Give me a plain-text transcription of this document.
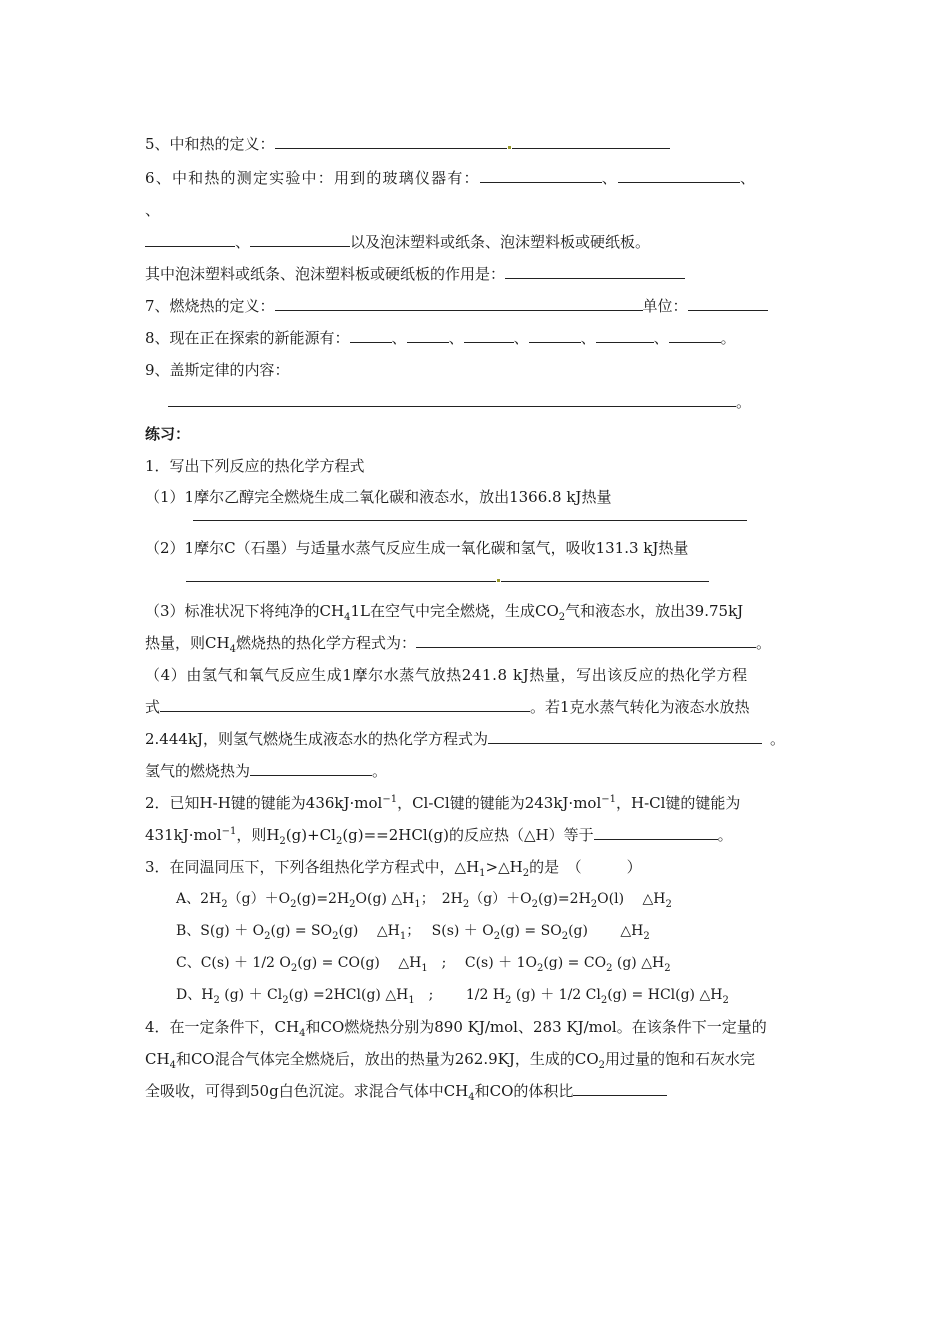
5、中和热的定义：
6、中和热的测定实验中：用到的玻璃仪器有：	、	、
、
、	以及泡沫塑料或纸条、泡沫塑料板或硬纸板。
其中泡沫塑料或纸条、泡沫塑料板或硬纸板的作用是：
7、燃烧热的定义：	单位：
8、现在正在探索的新能源有：	、	、	、	、	、	。
9、盖斯定律的内容：
。
练习：
1．写出下列反应的热化学方程式
（1）1摩尔乙醇完全燃烧生成二氧化碳和液态水，放出1366.8 kJ热量
（2）1摩尔C（石墨）与适量水蒸气反应生成一氧化碳和氢气，吸收131.3 kJ热量
（3）标准状况下将纯净的$CH_41L$在空气中完全燃烧，生成$CO_2$气和液态水，放出39.75kJ
热量，则$CH_4$燃烧热的热化学方程式为：	。
（4）由氢气和氧气反应生成1摩尔水蒸气放热241.8 kJ热量，写出该反应的热化学方程
式	。若1克水蒸气转化为液态水放热
2.444kJ，则氢气燃烧生成液态水的热化学方程式为	。
氢气的燃烧热为	。
2．已知H-H键的键能为436kJ·mol$^{-1}$，Cl-Cl键的键能为243kJ·mol$^{-1}$，H-Cl键的键能为
431kJ·mol$^{-1}$，则$H_2(g)+Cl_2(g)==2HCl(g)$的反应热（△H）等于	。
3．在同温同压下，下列各组热化学方程式中，$\triangle H_1>\triangle H_2$的是　（　　　）
A、$2H_2(g)+O_2(g)=2H_2O(g)$ $\triangle H_1$；　$2H_2(g)+O_2(g)=2H_2O(l)$　 $\triangle H_2$
B、$S(g) + O_2(g) = SO_2(g)$　 $\triangle H_1$；　 $S(s) + O_2(g) = SO_2(g)$　　 $\triangle H_2$
C、C(s) ＋ 1/2 $O_2(g) = CO(g)$　 $\triangle H_1$　;　 $C(s) + 1O_2(g) = CO_2$ (g) $\triangle H_2$
D、$H_2$ $(g) + Cl_2(g) =2HCl(g)$ $\triangle H_1$　;　　 1/2 $H_2$ (g) ＋ 1/2 $Cl_2(g) = HCl(g)$ $\triangle H_2$
4．在一定条件下，$CH_4$和CO燃烧热分别为890 KJ/mol、283 KJ/mol。在该条件下一定量的
$CH_4$和CO混合气体完全燃烧后，放出的热量为262.9KJ，生成的$CO_2$用过量的饱和石灰水完
全吸收，可得到50g白色沉淀。求混合气体中$CH_4$和CO的体积比
